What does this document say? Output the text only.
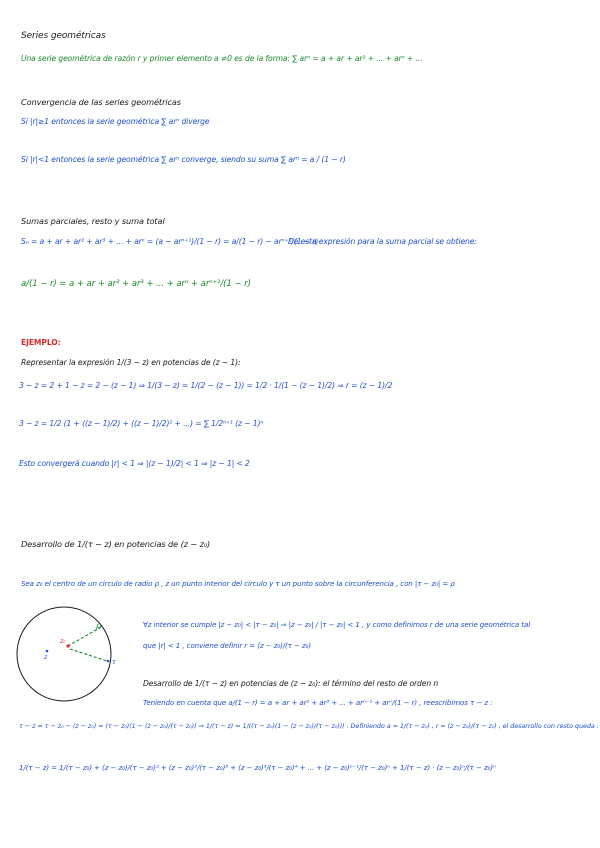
Series geométricas
Una serie geométrica de razón r y primer elemento a ≠0 es de la forma: ∑ arⁿ = a + ar + ar² + ... + arⁿ + ...
Convergencia de las series geométricas
Si |r|≥1 entonces la serie geométrica ∑ arⁿ diverge
Si |r|<1 entonces la serie geométrica ∑ arⁿ converge, siendo su suma ∑ arⁿ = a / (1 − r)
Sumas parciales, resto y suma total
Sₙ = a + ar + ar² + ar³ + ... + arⁿ = (a − arⁿ⁺¹)/(1 − r) = a/(1 − r) − arⁿ⁺¹/(1 − r)
De esta expresión para la suma parcial se obtiene:
a/(1 − r) = a + ar + ar² + ar³ + ... + arⁿ + arⁿ⁺¹/(1 − r)
EJEMPLO:
Representar la expresión 1/(3 − z) en potencias de (z − 1):
3 − z = 2 + 1 − z = 2 − (z − 1) ⇒ 1/(3 − z) = 1/(2 − (z − 1)) = 1/2 · 1/(1 − (z − 1)/2) ⇒ r = (z − 1)/2
3 − z = 1/2 (1 + ((z − 1)/2) + ((z − 1)/2)² + ...) = ∑ 1/2ⁿ⁺¹ (z − 1)ⁿ
Esto convergerá cuando |r| < 1 ⇒ |(z − 1)/2| < 1 ⇒ |z − 1| < 2
Desarrollo de 1/(τ − z) en potencias de (z − z₀)
Sea z₀ el centro de un círculo de radio ρ , z un punto interior del círculo y τ un punto sobre la circunferencia , con |τ − z₀| = ρ
ρ
z₀
z
τ
∀z interior se cumple |z − z₀| < |τ − z₀| ⇒ |z − z₀| / |τ − z₀| < 1 , y como definimos r de una serie geométrica tal
que |r| < 1 , conviene definir r = (z − z₀)/(τ − z₀)
Desarrollo de 1/(τ − z) en potencias de (z − z₀): el término del resto de orden n
Teniendo en cuenta que a/(1 − r) = a + ar + ar² + ar³ + ... + arⁿ⁻¹ + arⁿ/(1 − r) , reescribimos τ − z :
τ − z = τ − z₀ − (z − z₀) = (τ − z₀)(1 − (z − z₀)/(τ − z₀)) ⇒ 1/(τ − z) = 1/((τ − z₀)(1 − (z − z₀)/(τ − z₀))) . Definiendo a = 1/(τ − z₀) , r = (z − z₀)/(τ − z₀) , el desarrollo con resto queda :
1/(τ − z) = 1/(τ − z₀) + (z − z₀)/(τ − z₀)² + (z − z₀)²/(τ − z₀)³ + (z − z₀)³/(τ − z₀)⁴ + ... + (z − z₀)ⁿ⁻¹/(τ − z₀)ⁿ + 1/(τ − z) · (z − z₀)ⁿ/(τ − z₀)ⁿ
